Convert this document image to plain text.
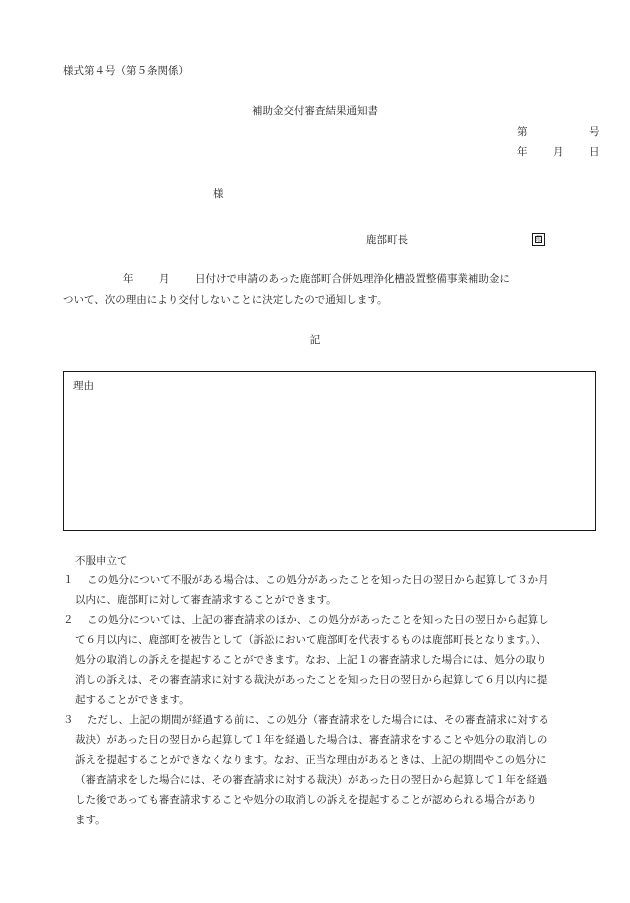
様式第４号（第５条関係）
補助金交付審査結果通知書
第	号
年 月 日
様
鹿部町長	印
年 月 日付けで申請のあった鹿部町合併処理浄化槽設置整備事業補助金に
ついて、次の理由により交付しないことに決定したので通知します。
記
理由
不服申立て
１ この処分について不服がある場合は、この処分があったことを知った日の翌日から起算して３か月
以内に、鹿部町に対して審査請求することができます。
２ この処分については、上記の審査請求のほか、この処分があったことを知った日の翌日から起算し
て６月以内に、鹿部町を被告として（訴訟において鹿部町を代表するものは鹿部町長となります。）、
処分の取消しの訴えを提起することができます。なお、上記１の審査請求した場合には、処分の取り
消しの訴えは、その審査請求に対する裁決があったことを知った日の翌日から起算して６月以内に提
起することができます。
３ ただし、上記の期間が経過する前に、この処分（審査請求をした場合には、その審査請求に対する
裁決）があった日の翌日から起算して１年を経過した場合は、審査請求をすることや処分の取消しの
訴えを提起することができなくなります。なお、正当な理由があるときは、上記の期間やこの処分に
（審査請求をした場合には、その審査請求に対する裁決）があった日の翌日から起算して１年を経過
した後であっても審査請求することや処分の取消しの訴えを提起することが認められる場合があり
ます。
